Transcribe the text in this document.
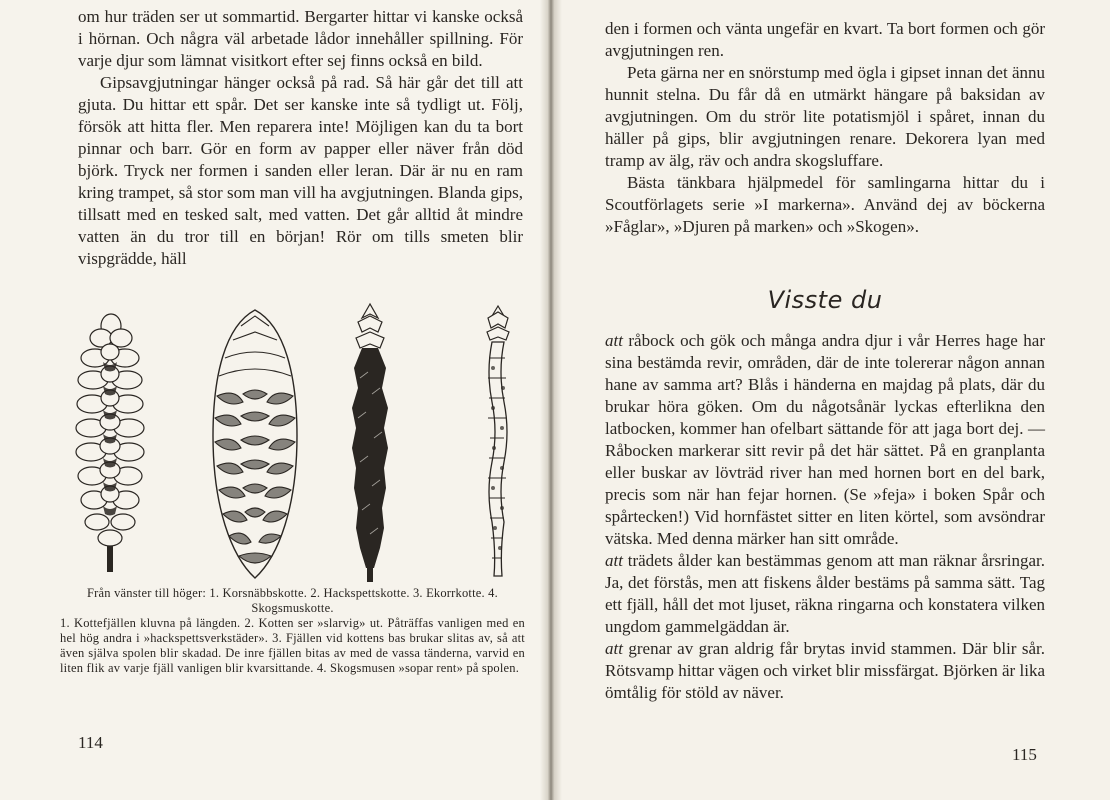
om hur träden ser ut sommartid. Bergarter hittar vi kanske också i hörnan. Och några väl arbetade lådor innehåller spillning. För varje djur som lämnat visitkort efter sej finns också en bild.

Gipsavgjutningar hänger också på rad. Så här går det till att gjuta. Du hittar ett spår. Det ser kanske inte så tydligt ut. Följ, försök att hitta fler. Men reparera inte! Möjligen kan du ta bort pinnar och barr. Gör en form av papper eller näver från död björk. Tryck ner formen i sanden eller leran. Där är nu en ram kring trampet, så stor som man vill ha avgjutningen. Blanda gips, tillsatt med en tesked salt, med vatten. Det går alltid åt mindre vatten än du tror till en början! Rör om tills smeten blir vispgrädde, häll

Från vänster till höger: 1. Korsnäbbskotte. 2. Hackspettskotte. 3. Ekorrkotte. 4. Skogsmuskotte.

1. Kottefjällen kluvna på längden. 2. Kotten ser »slarvig» ut. Påträffas vanligen med en hel hög andra i »hackspettsverkstäder». 3. Fjällen vid kottens bas brukar slitas av, så att även själva spolen blir skadad. De inre fjällen bitas av med de vassa tänderna, varvid en liten flik av varje fjäll vanligen blir kvarsittande. 4. Skogsmusen »sopar rent» på spolen.

114

den i formen och vänta ungefär en kvart. Ta bort formen och gör avgjutningen ren.

Peta gärna ner en snörstump med ögla i gipset innan det ännu hunnit stelna. Du får då en utmärkt hängare på baksidan av avgjutningen. Om du strör lite potatismjöl i spåret, innan du häller på gips, blir avgjutningen renare. Dekorera lyan med tramp av älg, räv och andra skogsluffare.

Bästa tänkbara hjälpmedel för samlingarna hittar du i Scoutförlagets serie »I markerna». Använd dej av böckerna »Fåglar», »Djuren på marken» och »Skogen».

Visste du

att råbock och gök och många andra djur i vår Herres hage har sina bestämda revir, områden, där de inte tolererar någon annan hane av samma art? Blås i händerna en majdag på plats, där du brukar höra göken. Om du någotsånär lyckas efterlikna den latbocken, kommer han ofelbart sättande för att jaga bort dej. — Råbocken markerar sitt revir på det här sättet. På en granplanta eller buskar av lövträd river han med hornen bort en del bark, precis som när han fejar hornen. (Se »feja» i boken Spår och spårtecken!) Vid hornfästet sitter en liten körtel, som avsöndrar vätska. Med denna märker han sitt område.

att trädets ålder kan bestämmas genom att man räknar årsringar. Ja, det förstås, men att fiskens ålder bestäms på samma sätt. Tag ett fjäll, håll det mot ljuset, räkna ringarna och konstatera vilken ungdom gammelgäddan är.

att grenar av gran aldrig får brytas invid stammen. Där blir sår. Rötsvamp hittar vägen och virket blir missfärgat. Björken är lika ömtålig för stöld av näver.

115
